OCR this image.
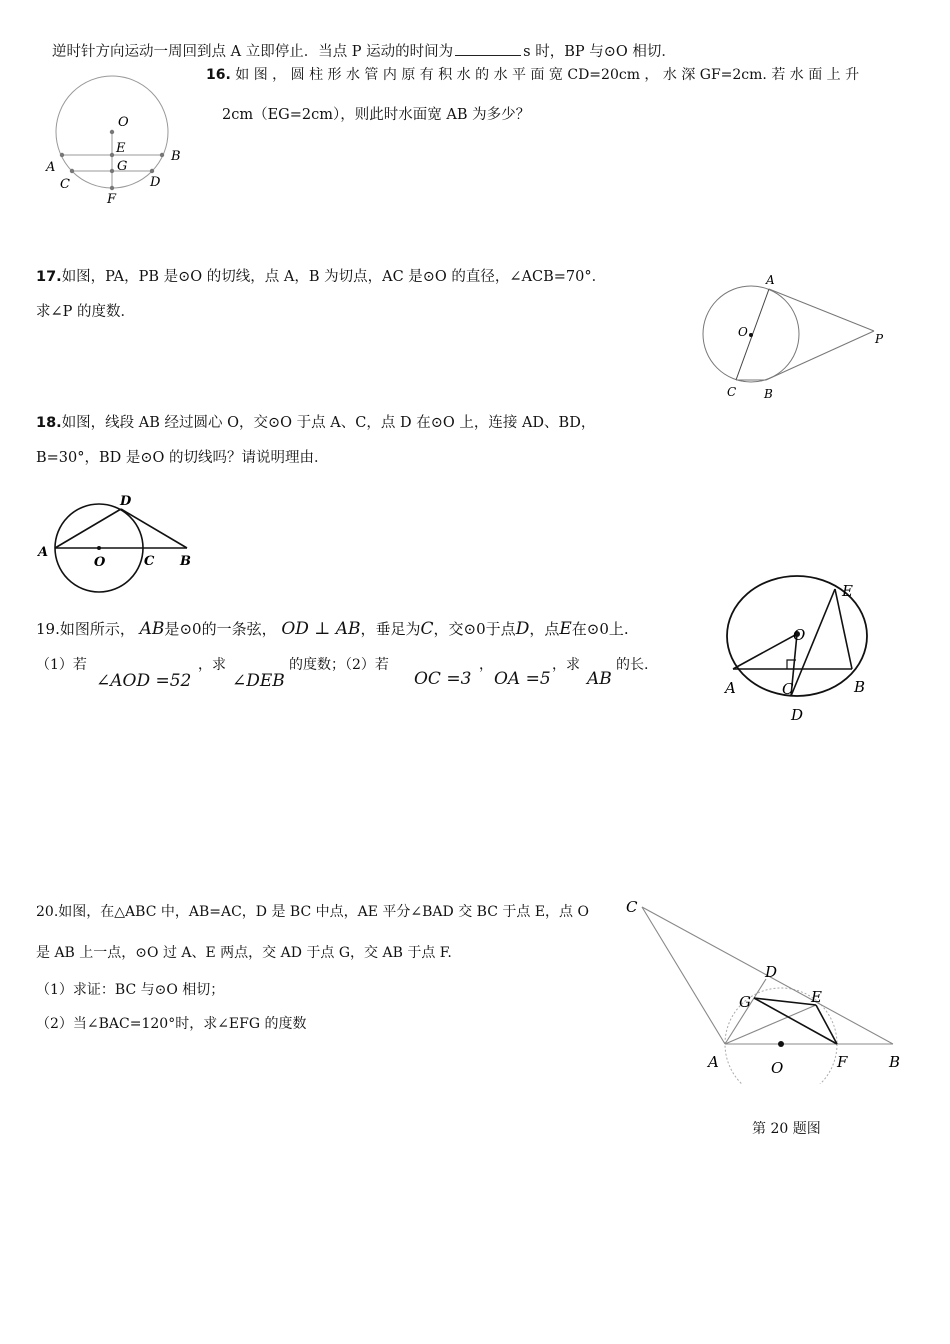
逆时针方向运动一周回到点 A 立即停止．当点 P 运动的时间为	s 时，BP 与⊙O 相切．
16. 如 图 ， 圆 柱 形 水 管 内 原 有 积 水 的 水 平 面 宽 CD=20cm ， 水 深 GF=2cm. 若 水 面 上 升
2cm（EG=2cm），则此时水面宽 AB 为多少？
O
E
G
A
B
C	D
F
17.如图，PA，PB 是⊙O 的切线，点 A，B 为切点，AC 是⊙O 的直径，∠ACB=70°．
求∠P 的度数．
A
O	P
C B
18.如图，线段 AB 经过圆心 O，交⊙O 于点 A、C，点 D 在⊙O 上，连接 AD、BD，
B=30°，BD 是⊙O 的切线吗？请说明理由．
D
A
O	C B
19.如图所示， AB是⊙0的一条弦， OD ⊥ AB，垂足为C，交⊙0于点D，点E在⊙0上.
（1）若
∠AOD =52
，求
∠DEB
的度数；（2）若
OC =3
，
OA =5
，求
AB
的长.
E
O
A	C	B
D
20.如图，在△ABC 中，AB=AC，D 是 BC 中点，AE 平分∠BAD 交 BC 于点 E，点 O
是 AB 上一点，⊙O 过 A、E 两点，交 AD 于点 G，交 AB 于点 F.
（1）求证：BC 与⊙O 相切；
（2）当∠BAC=120°时，求∠EFG 的度数
C
D
G	E
A	O	F	B
第 20 题图
